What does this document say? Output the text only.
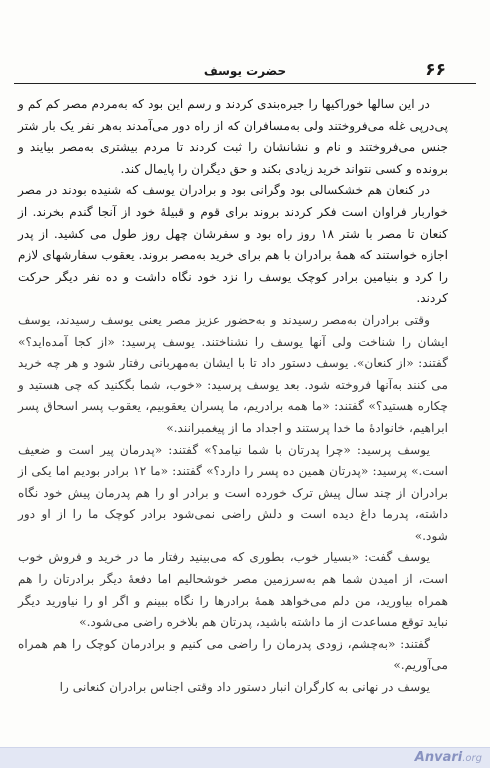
۶۶
حضرت یوسف

در این سالها خوراکیها را جیره‌بندی کردند و رسم این بود که به‌مردم مصر کم کم و پی‌درپی غله می‌فروختند ولی به‌مسافران که از راه دور می‌آمدند به‌هر نفر یک بار شتر جنس می‌فروختند و نام و نشانشان را ثبت کردند تا مردم بیشتری به‌مصر بیایند و برونده و کسی نتواند خرید زیادی بکند و حق دیگران را پایمال کند.

در کنعان هم خشکسالی بود وگرانی بود و برادران یوسف که شنیده بودند در مصر خواربار فراوان است فکر کردند بروند برای قوم و قبیلهٔ خود از آنجا گندم بخرند. از کنعان تا مصر با شتر ۱۸ روز راه بود و سفرشان چهل روز طول می کشید. از پدر اجازه خواستند که همهٔ برادران با هم برای خرید به‌مصر بروند. یعقوب سفارشهای لازم را کرد و بنیامین برادر کوچک یوسف را نزد خود نگاه داشت و ده نفر دیگر حرکت کردند.

وقتی برادران به‌مصر رسیدند و به‌حضور عزیز مصر یعنی یوسف رسیدند، یوسف ایشان را شناخت ولی آنها یوسف را نشناختند. یوسف پرسید: «از کجا آمده‌اید؟» گفتند: «از کنعان». یوسف دستور داد تا با ایشان به‌مهربانی رفتار شود و هر چه خرید می کنند به‌آنها فروخته شود. بعد یوسف پرسید: «خوب، شما بگکنید که چی هستید و چکاره هستید؟» گفتند: «ما همه برادریم، ما پسران یعقوبیم، یعقوب پسر اسحاق پسر ابراهیم، خانوادهٔ ما خدا پرستند و اجداد ما از پیغمبرانند.»

یوسف پرسید: «چرا پدرتان با شما نیامد؟» گفتند: «پدرمان پیر است و ضعیف است.» پرسید: «پدرتان همین ده پسر را دارد؟» گفتند: «ما ۱۲ برادر بودیم اما یکی از برادران از چند سال پیش ترک خورده است و برادر او را هم پدرمان پیش خود نگاه داشته، پدرما داغ دیده است و دلش راضی نمی‌شود برادر کوچک ما را از او دور شود.»

یوسف گفت: «بسیار خوب، بطوری که می‌بینید رفتار ما در خرید و فروش خوب است، از امیدن شما هم به‌سرزمین مصر خوشحالیم اما دفعهٔ دیگر برادرتان را هم همراه بیاورید، من دلم می‌خواهد همهٔ برادرها را نگاه ببینم و اگر او را نیاورید دیگر نباید توقع مساعدت از ما داشته باشید، پدرتان هم بلاخره راضی می‌شود.»

گفتند: «به‌چشم، زودی پدرمان را راضی می کنیم و برادرمان کوچک را هم همراه می‌آوریم.»

یوسف در نهانی به کارگران انبار دستور داد وقتی اجناس برادران کنعانی را

Anvari.org
